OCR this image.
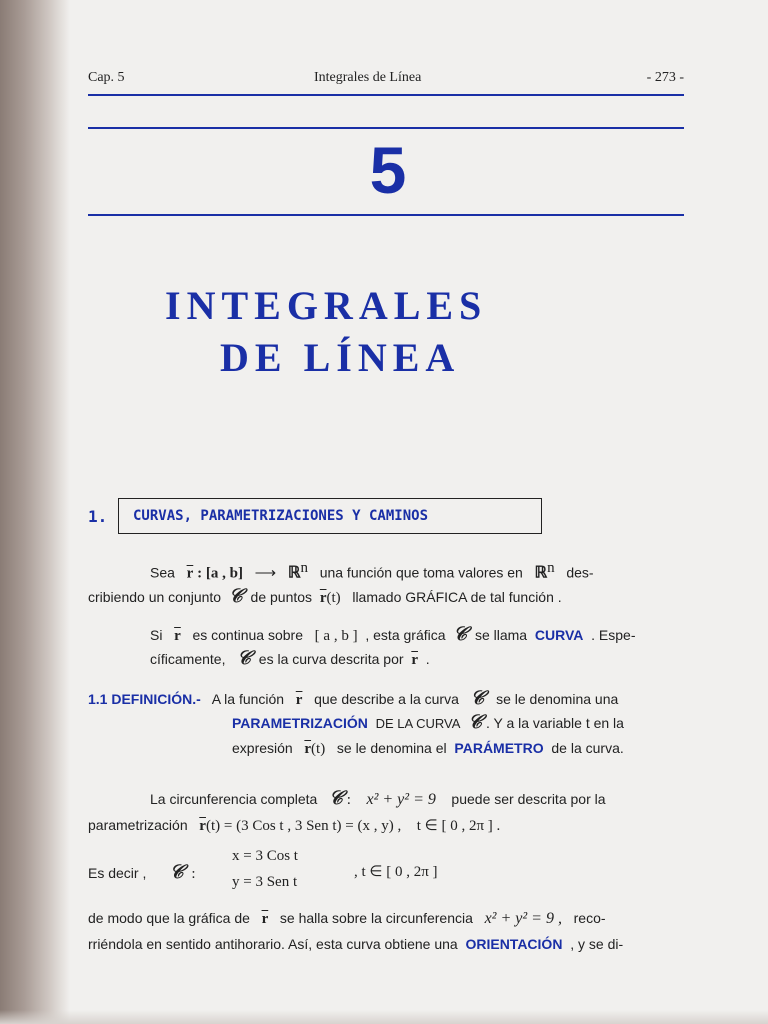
Cap. 5	Integrales de Línea	- 273 -
5
INTEGRALES
DE LÍNEA
1.	CURVAS, PARAMETRIZACIONES Y CAMINOS
Sea $\overline{r}$ : [a , b] ⟶ ℝ$^n$ una función que toma valores en ℝ$^n$ des-
cribiendo un conjunto 𝒞 de puntos $\overline{r}(t)$ llamado GRÁFICA de tal función .
Si $\overline{r}$ es continua sobre [ a , b ] , esta gráfica 𝒞 se llama CURVA . Espe-
cíficamente, 𝒞 es la curva descrita por $\overline{r}$ .
1.1 DEFINICIÓN.- A la función $\overline{r}$ que describe a la curva 𝒞 se le denomina una
PARAMETRIZACIÓN DE LA CURVA 𝒞 . Y a la variable t en la
expresión $\overline{r}(t)$ se le denomina el PARÁMETRO de la curva.
La circunferencia completa 𝒞 : x² + y² = 9 puede ser descrita por la
parametrización $\overline{r}(t) = (3$ Cos t , 3 Sen t) = (x , y) , t ∈ [ 0 , 2π ] .
Es decir , 𝒞 :
x = 3 Cos t
y = 3 Sen t
, t ∈ [ 0 , 2π ]
de modo que la gráfica de $\overline{r}$ se halla sobre la circunferencia x² + y² = 9 , reco-
rriéndola en sentido antihorario. Así, esta curva obtiene una ORIENTACIÓN , y se di-
